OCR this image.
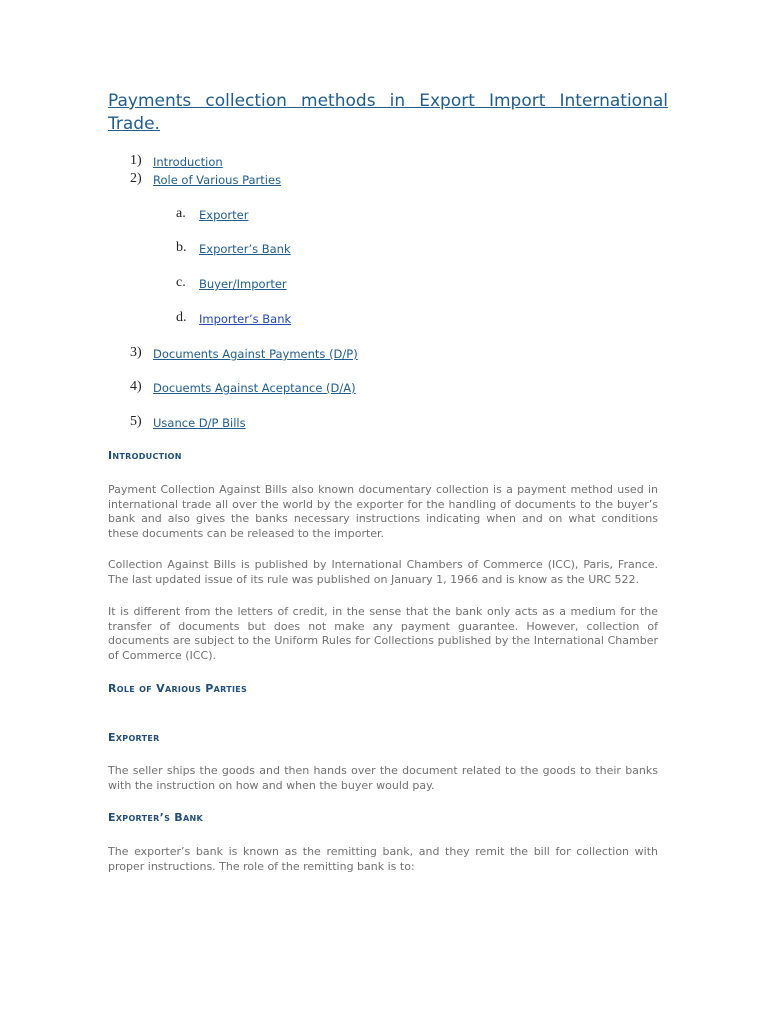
Payments collection methods in Export Import International Trade.
1) Introduction
2) Role of Various Parties
a. Exporter
b. Exporter’s Bank
c. Buyer/Importer
d. Importer’s Bank
3) Documents Against Payments (D/P)
4) Docuemts Against Aceptance (D/A)
5) Usance D/P Bills
Introduction

Payment Collection Against Bills also known documentary collection is a payment method used in international trade all over the world by the exporter for the handling of documents to the buyer’s bank and also gives the banks necessary instructions indicating when and on what conditions these documents can be released to the importer.

Collection Against Bills is published by International Chambers of Commerce (ICC), Paris, France. The last updated issue of its rule was published on January 1, 1966 and is know as the URC 522.

It is different from the letters of credit, in the sense that the bank only acts as a medium for the transfer of documents but does not make any payment guarantee. However, collection of documents are subject to the Uniform Rules for Collections published by the International Chamber of Commerce (ICC).

Role of Various Parties
Exporter

The seller ships the goods and then hands over the document related to the goods to their banks with the instruction on how and when the buyer would pay.

Exporter’s Bank

The exporter’s bank is known as the remitting bank, and they remit the bill for collection with proper instructions. The role of the remitting bank is to:
